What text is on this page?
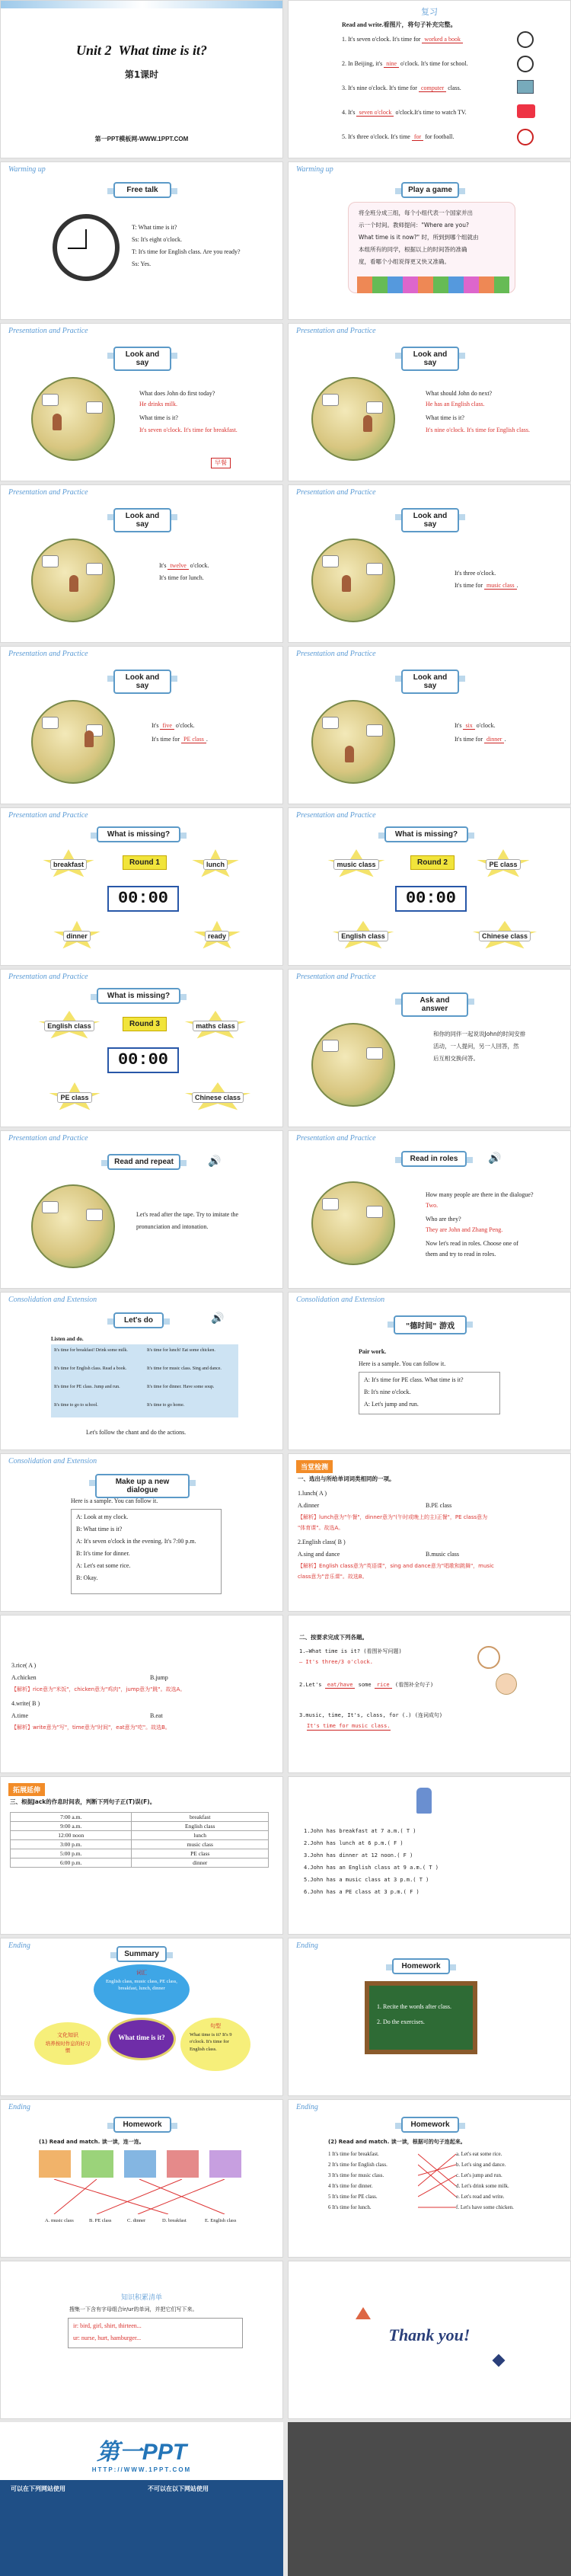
Unit 2 What time is it?
第1课时
第一PPT模板网-WWW.1PPT.COM
复习
Read and write.看图片，将句子补充完整。
1. It's seven o'clock. It's time for worked a book
2. In Beijing, it's nine o'clock. It's time for school.
3. It's nine o'clock. It's time for computer class.
4. It's seven o'clock o'clock.It's time to watch TV.
5. It's three o'clock. It's time for for football.
Warming up
Free talk
T: What time is it?
Ss: It's eight o'clock.
T: It's time for English class. Are you ready?
Ss: Yes.
Warming up
Play a game
将全班分成三组，每个小组代表一个国家并出
示一个时间。教师提问："Where are you?
What time is it now?" 时，所到到哪个组就由
本组所有的同学，根据以上的时间答的准确
度，看哪个小组说得更又快又准确。
Presentation and Practice
Look and say
What does John do first today?
He drinks milk.
What time is it?
It's seven o'clock. It's time for breakfast.
早餐
Presentation and Practice
Look and say
What should John do next?
He has an English class.
What time is it?
It's nine o'clock. It's time for English class.
Presentation and Practice
Look and say
It's twelve o'clock.
It's time for lunch.
Presentation and Practice
Look and say
It's three o'clock.
It's time for music class .
Presentation and Practice
Look and say
It's five o'clock.
It's time for PE class .
Presentation and Practice
Look and say
It's six o'clock.
It's time for dinner .
Presentation and Practice
What is missing?
breakfast	Round 1	lunch
00:00
dinner	ready
Presentation and Practice
What is missing?
music class	Round 2	PE class
00:00
English class	Chinese class
Presentation and Practice
What is missing?
English class	Round 3	maths class
00:00
PE class	Chinese class
Presentation and Practice
Ask and answer
和你的同伴一起说说John的时间安排
活动，一人提问，另一人回答，然
后互相交换问答。
Presentation and Practice
Read and repeat	🔊
Let's read after the tape. Try to imitate the
pronunciation and intonation.
Presentation and Practice
Read in roles	🔊
How many people are there in the dialogue?
Two.
Who are they?
They are John and Zhang Peng.
Now let's read in roles. Choose one of
them and try to read in roles.
Consolidation and Extension
Let's do	🔊
Listen and do.
It's time for breakfast! Drink some milk.	It's time for lunch! Eat some chicken.
It's time for English class. Read a book.	It's time for music class. Sing and dance.
It's time for PE class. Jump and run.	It's time for dinner. Have some soup.
It's time to go to school.	It's time to go home.
Let's follow the chant and do the actions.
Consolidation and Extension
"德时间" 游戏
Pair work.
Here is a sample. You can follow it.
A: It's time for PE class. What time is it?
B: It's nine o'clock.
A: Let's jump and run.
Consolidation and Extension
Make up a new dialogue
Here is a sample. You can follow it.
A: Look at my clock.
B: What time is it?
A: It's seven o'clock in the evening. It's 7:00 p.m.
B: It's time for dinner.
A: Let's eat some rice.
B: Okay.
当堂检测
一、选出与所给单词词类相同的一项。
1.lunch( A )
A.dinner	B.PE class
【解析】lunch意为"午餐"，dinner意为"(午时或晚上的主)正餐"，PE class意为
"体育课"。故选A。
2.English class( B )
A.sing and dance	B.music class
【解析】English class意为"英语课"，sing and dance意为"唱歌和跳舞"，music
class意为"音乐课"。故选B。
3.rice( A )
A.chicken	B.jump
【解析】rice意为"米饭"，chicken意为"鸡肉"，jump意为"跳"。故选A。
4.write( B )
A.time	B.eat
【解析】write意为"写"，time意为"时间"，eat意为"吃"。故选B。
二、按要求完成下列各题。
1.—What time is it? (看图补写问题)
— It's three/3 o'clock.
2.Let's eat/have some rice (看图补全句子)
3.music, time, It's, class, for (.) (连词成句)
It's time for music class.
拓展延伸
三、根据Jack的作息时间表，判断下列句子正(T)误(F)。
7:00 a.m.	breakfast
9:00 a.m.	English class
12:00 noon	lunch
3:00 p.m.	music class
5:00 p.m.	PE class
6:00 p.m.	dinner
1.John has breakfast at 7 a.m.( T )
2.John has lunch at 6 p.m.( F )
3.John has dinner at 12 noon.( F )
4.John has an English class at 9 a.m.( T )
5.John has a music class at 3 p.m.( T )
6.John has a PE class at 3 p.m.( F )
Ending
Summary
词汇
English class, music class, PE class, breakfast, lunch, dinner
What time is it?
文化知识
培养按时作息的好习惯
句型
What time is it? It's 9 o'clock. It's time for English class.
Ending
Homework
1. Recite the words after class.
2. Do the exercises.
Ending
Homework
(1) Read and match. 读一读，连一连。
A. music class	B. PE class	C. dinner	D. breakfast	E. English class
Ending
Homework
(2) Read and match. 读一读，根据可的句子连起来。
1 It's time for breakfast.
2 It's time for English class.
3 It's time for music class.
4 It's time for dinner.
5 It's time for PE class.
6 It's time for lunch.
a. Let's eat some rice.
b. Let's sing and dance.
c. Let's jump and run.
d. Let's drink some milk.
e. Let's read and write.
f. Let's have some chicken.
知识积累清单
搜集一下含有字母组合ir/ur的单词，并把它们写下来。
ir: bird, girl, shirt, thirteen...
ur: nurse, hurt, hamburger...	Thank you!
第一PPT
HTTP://WWW.1PPT.COM
可以在下列网站使用	不可以在以下网站使用
